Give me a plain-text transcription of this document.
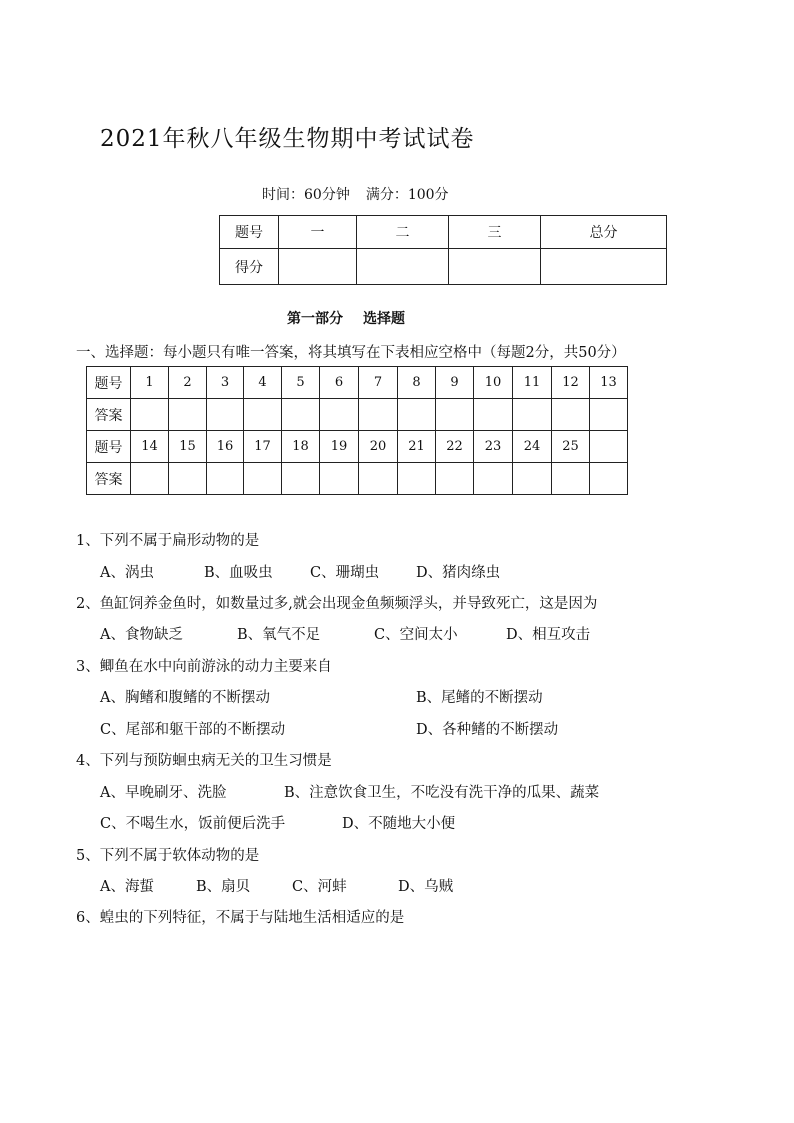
2021年秋八年级生物期中考试试卷
时间：60分钟 满分：100分
题号	一	二	三	总分
得分				
第一部分 选择题
一、选择题：每小题只有唯一答案，将其填写在下表相应空格中（每题2分，共50分）
题号	1	2	3	4	5	6	7	8	9	10	11	12	13
答案													
题号	14	15	16	17	18	19	20	21	22	23	24	25	
答案													
1、下列不属于扁形动物的是
A、涡虫	B、血吸虫	C、珊瑚虫	D、猪肉绦虫
2、鱼缸饲养金鱼时，如数量过多,就会出现金鱼频频浮头，并导致死亡，这是因为
A、食物缺乏	B、氧气不足	C、空间太小	D、相互攻击
3、鲫鱼在水中向前游泳的动力主要来自
A、胸鳍和腹鳍的不断摆动	B、尾鳍的不断摆动
C、尾部和躯干部的不断摆动	D、各种鳍的不断摆动
4、下列与预防蛔虫病无关的卫生习惯是
A、早晚刷牙、洗脸	B、注意饮食卫生，不吃没有洗干净的瓜果、蔬菜
C、不喝生水，饭前便后洗手	D、不随地大小便
5、下列不属于软体动物的是
A、海蜇	B、扇贝	C、河蚌	D、乌贼
6、蝗虫的下列特征，不属于与陆地生活相适应的是
